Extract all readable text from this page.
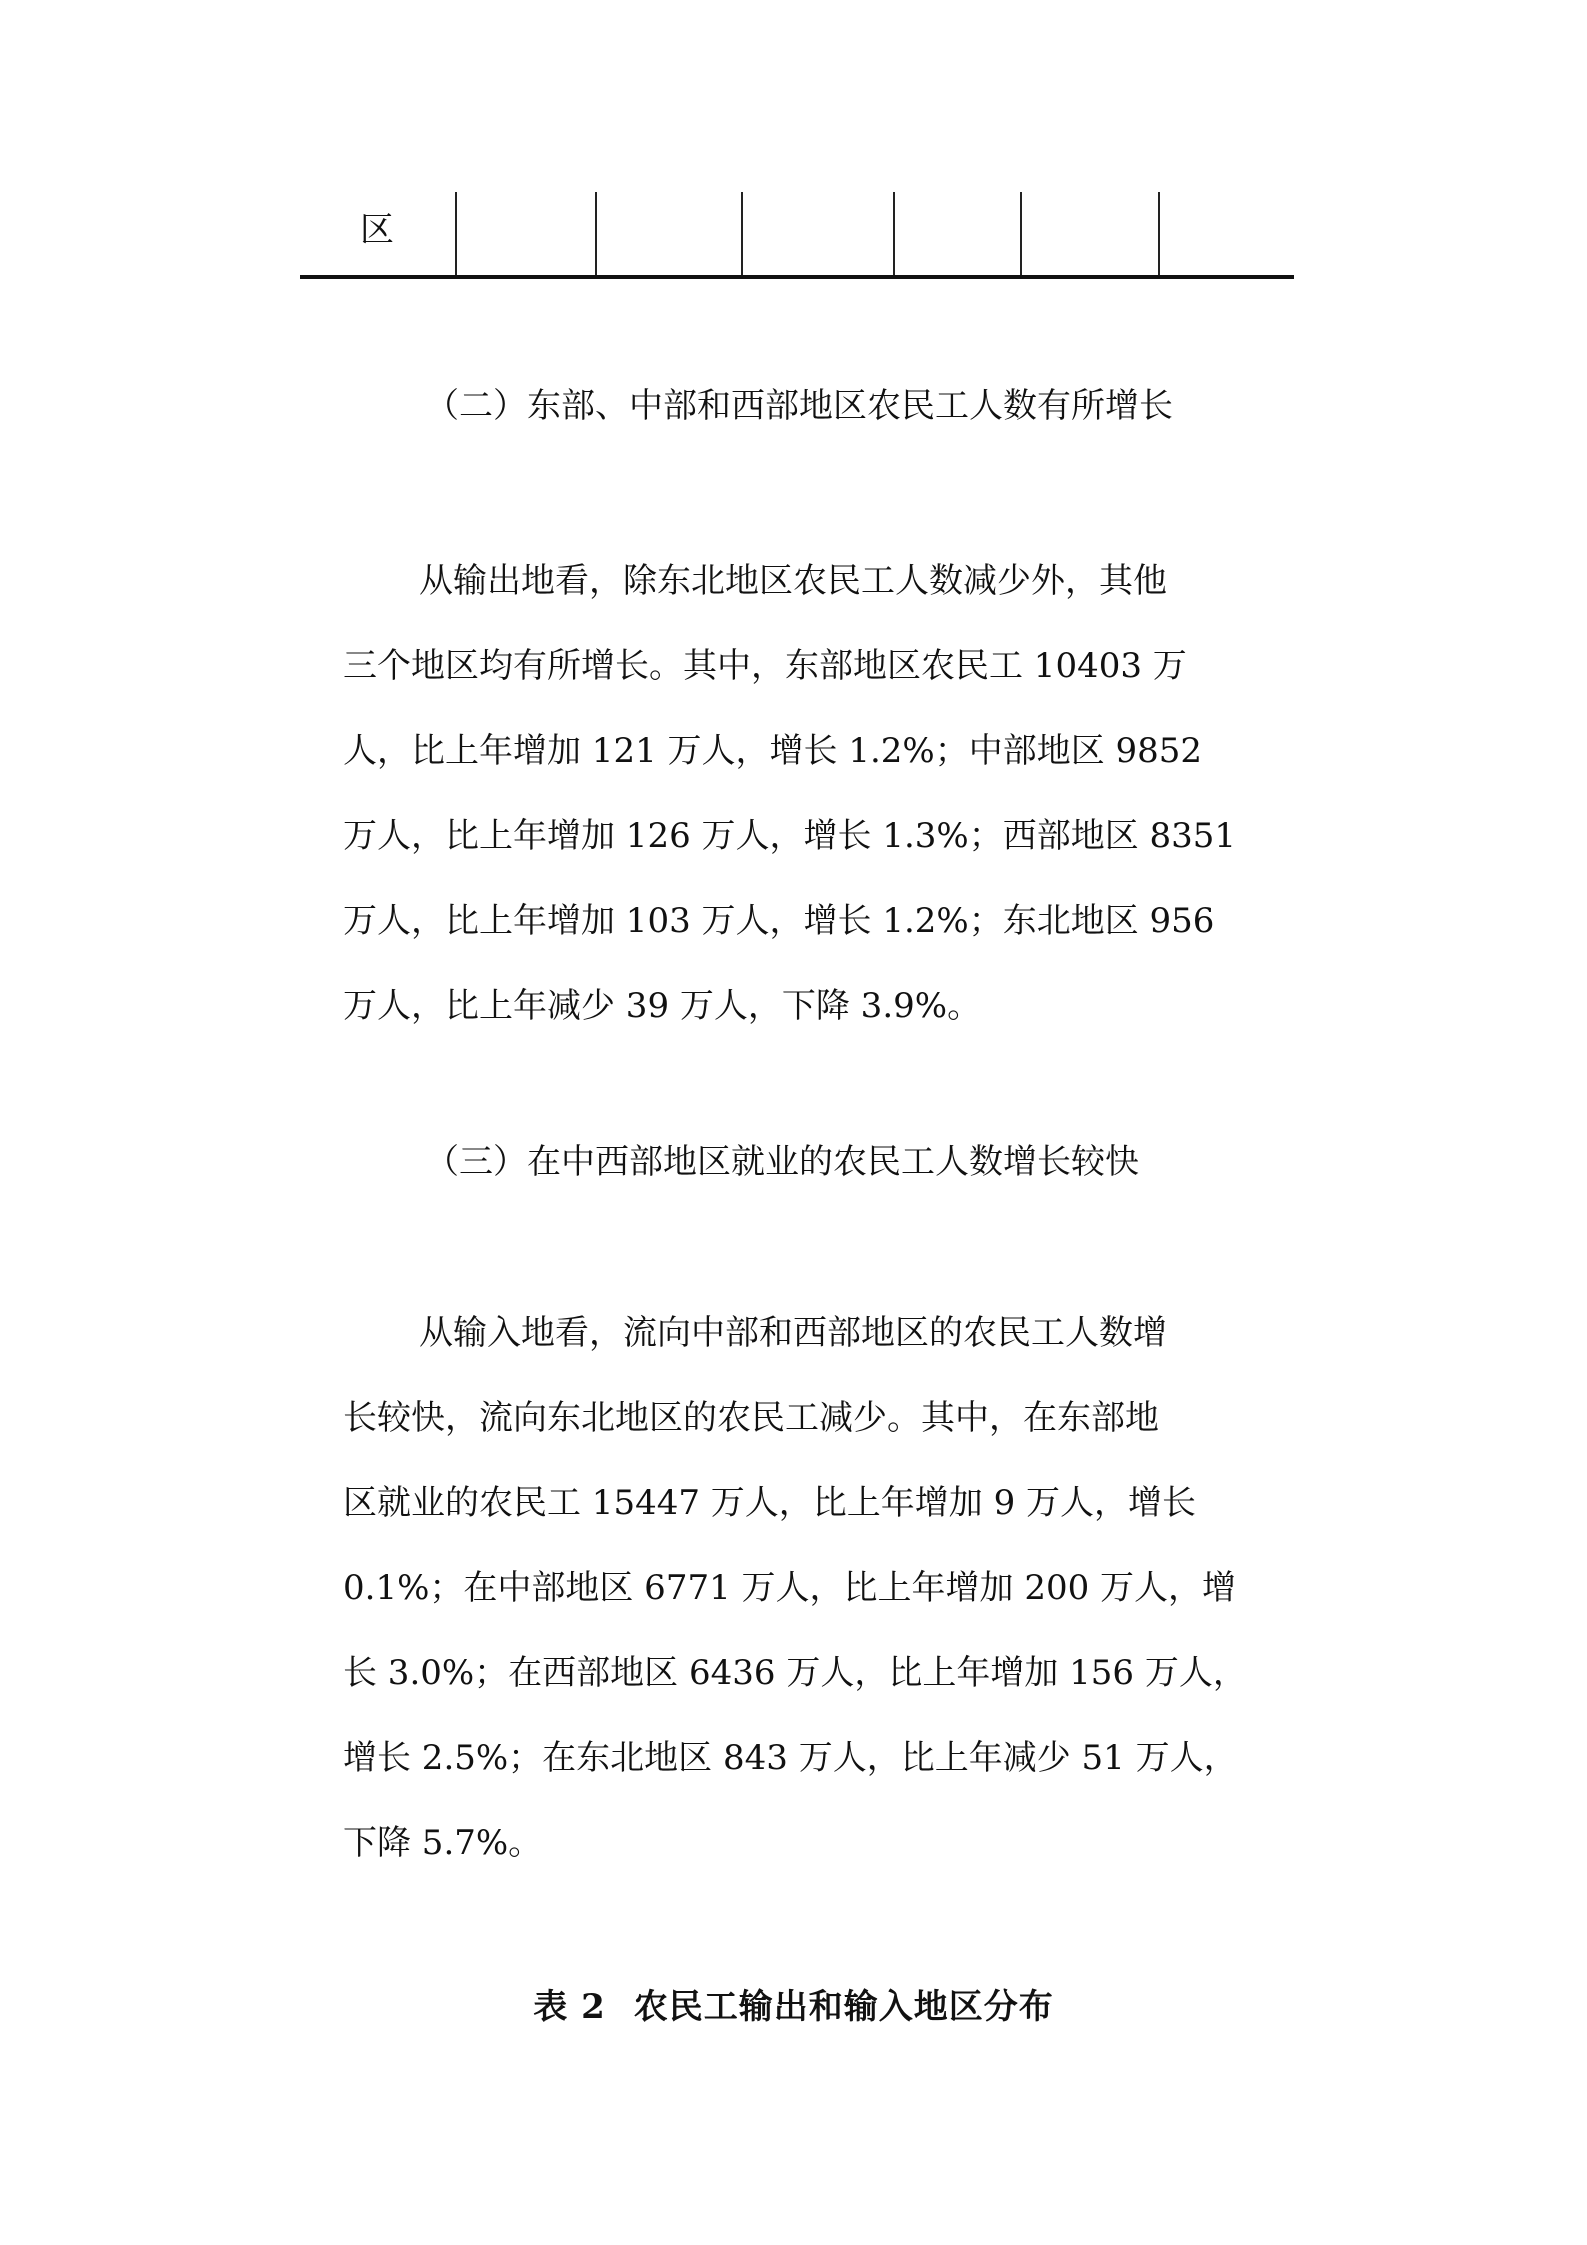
区
（二）东部、中部和西部地区农民工人数有所增长
从输出地看，除东北地区农民工人数减少外，其他
三个地区均有所增长。其中，东部地区农民工 10403 万
人，比上年增加 121 万人，增长 1.2%；中部地区 9852
万人，比上年增加 126 万人，增长 1.3%；西部地区 8351
万人，比上年增加 103 万人，增长 1.2%；东北地区 956
万人，比上年减少 39 万人，下降 3.9%。
（三）在中西部地区就业的农民工人数增长较快
从输入地看，流向中部和西部地区的农民工人数增
长较快，流向东北地区的农民工减少。其中，在东部地
区就业的农民工 15447 万人，比上年增加 9 万人，增长
0.1%；在中部地区 6771 万人，比上年增加 200 万人，增
长 3.0%；在西部地区 6436 万人，比上年增加 156 万人，
增长 2.5%；在东北地区 843 万人，比上年减少 51 万人，
下降 5.7%。
表 2 农民工输出和输入地区分布
